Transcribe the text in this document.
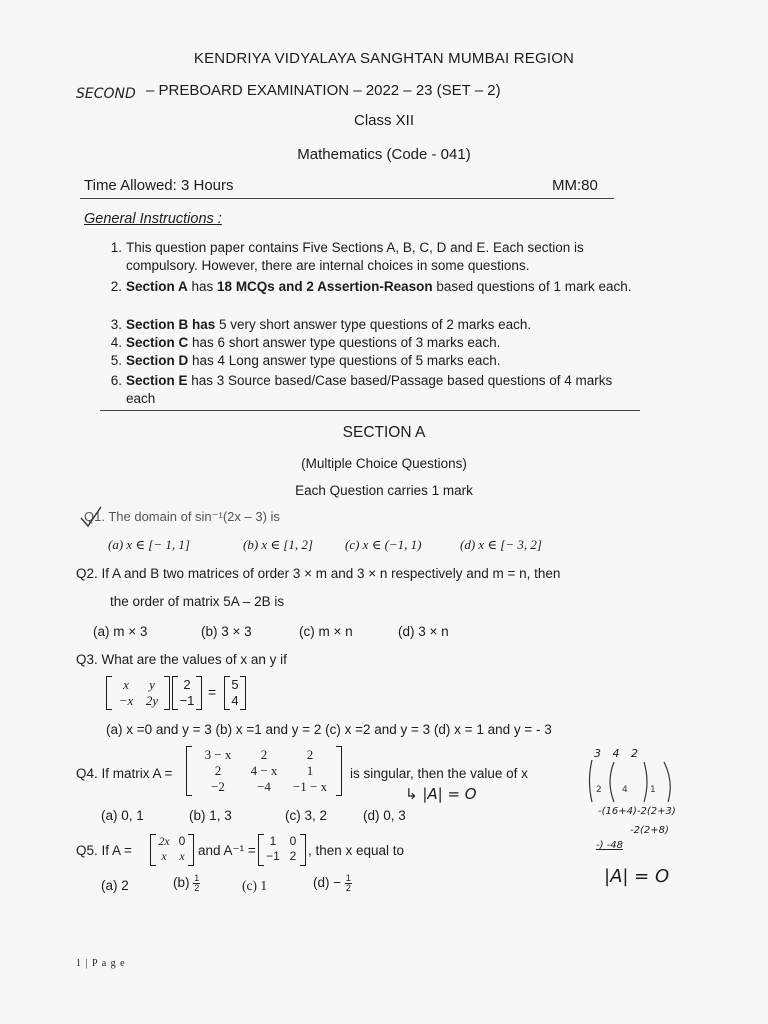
KENDRIYA VIDYALAYA SANGHTAN MUMBAI REGION
SECOND – PREBOARD EXAMINATION – 2022 – 23 (SET – 2)
Class XII
Mathematics (Code - 041)
Time Allowed: 3 Hours	MM:80
General Instructions :
1. This question paper contains Five Sections A, B, C, D and E. Each section is compulsory. However, there are internal choices in some questions.
2. Section A has 18 MCQs and 2 Assertion-Reason based questions of 1 mark each.
3. Section B has 5 very short answer type questions of 2 marks each.
4. Section C has 6 short answer type questions of 3 marks each.
5. Section D has 4 Long answer type questions of 5 marks each.
6. Section E has 3 Source based/Case based/Passage based questions of 4 marks each
SECTION A
(Multiple Choice Questions)
Each Question carries 1 mark
Q1. The domain of sin⁻¹(2x – 3) is
(a) x ∈ [− 1, 1]	(b) x ∈ [1, 2] (c) x ∈ (−1, 1)	(d) x ∈ [− 3, 2]
Q2. If A and B two matrices of order 3 × m and 3 × n respectively and m = n, then
the order of matrix 5A – 2B is
(a) m × 3	(b) 3 × 3	(c) m × n	(d) 3 × n
Q3. What are the values of x an y if
x	y
−x 2y
2
−1
=	5
4
(a) x =0 and y = 3 (b) x =1 and y = 2 (c) x =2 and y = 3 (d) x = 1 and y = - 3
Q4. If matrix A =
3 − x	2	2
2	4 − x	1
−2	−4	−1 − x
is singular, then the value of x
↳ |A| = O
(a) 0, 1	(b) 1, 3	(c) 3, 2	(d) 0, 3
Q5. If A =
2x 0
x	x and A⁻¹ =
1	0
−1 2 , then x equal to
(a) 2	$(b) \frac{1}{2}$	(c) 1	$(d) - \frac{1}{2}$
3 4 2
2 4 1
-(16+4)-2(2+3)
-2(2+8)
-) -48
|A| = O
1 | P a g e
